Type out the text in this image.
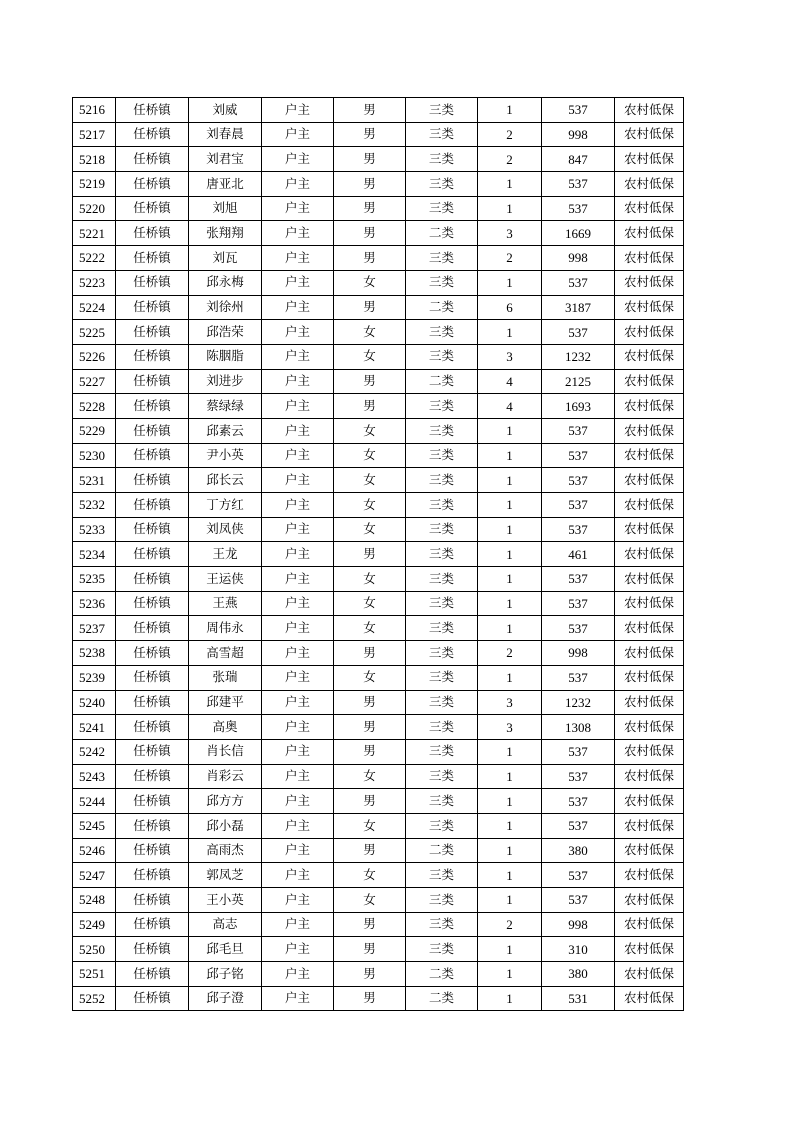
5216	任桥镇	刘威	户主	男	三类	1	537	农村低保
5217	任桥镇	刘春晨	户主	男	三类	2	998	农村低保
5218	任桥镇	刘君宝	户主	男	三类	2	847	农村低保
5219	任桥镇	唐亚北	户主	男	三类	1	537	农村低保
5220	任桥镇	刘旭	户主	男	三类	1	537	农村低保
5221	任桥镇	张翔翔	户主	男	二类	3	1669	农村低保
5222	任桥镇	刘瓦	户主	男	三类	2	998	农村低保
5223	任桥镇	邱永梅	户主	女	三类	1	537	农村低保
5224	任桥镇	刘徐州	户主	男	二类	6	3187	农村低保
5225	任桥镇	邱浩荣	户主	女	三类	1	537	农村低保
5226	任桥镇	陈胭脂	户主	女	三类	3	1232	农村低保
5227	任桥镇	刘进步	户主	男	二类	4	2125	农村低保
5228	任桥镇	蔡绿绿	户主	男	三类	4	1693	农村低保
5229	任桥镇	邱素云	户主	女	三类	1	537	农村低保
5230	任桥镇	尹小英	户主	女	三类	1	537	农村低保
5231	任桥镇	邱长云	户主	女	三类	1	537	农村低保
5232	任桥镇	丁方红	户主	女	三类	1	537	农村低保
5233	任桥镇	刘凤侠	户主	女	三类	1	537	农村低保
5234	任桥镇	王龙	户主	男	三类	1	461	农村低保
5235	任桥镇	王运侠	户主	女	三类	1	537	农村低保
5236	任桥镇	王燕	户主	女	三类	1	537	农村低保
5237	任桥镇	周伟永	户主	女	三类	1	537	农村低保
5238	任桥镇	高雪超	户主	男	三类	2	998	农村低保
5239	任桥镇	张瑞	户主	女	三类	1	537	农村低保
5240	任桥镇	邱建平	户主	男	三类	3	1232	农村低保
5241	任桥镇	高奥	户主	男	三类	3	1308	农村低保
5242	任桥镇	肖长信	户主	男	三类	1	537	农村低保
5243	任桥镇	肖彩云	户主	女	三类	1	537	农村低保
5244	任桥镇	邱方方	户主	男	三类	1	537	农村低保
5245	任桥镇	邱小磊	户主	女	三类	1	537	农村低保
5246	任桥镇	高雨杰	户主	男	二类	1	380	农村低保
5247	任桥镇	郭凤芝	户主	女	三类	1	537	农村低保
5248	任桥镇	王小英	户主	女	三类	1	537	农村低保
5249	任桥镇	高志	户主	男	三类	2	998	农村低保
5250	任桥镇	邱毛旦	户主	男	三类	1	310	农村低保
5251	任桥镇	邱子铭	户主	男	二类	1	380	农村低保
5252	任桥镇	邱子澄	户主	男	二类	1	531	农村低保
